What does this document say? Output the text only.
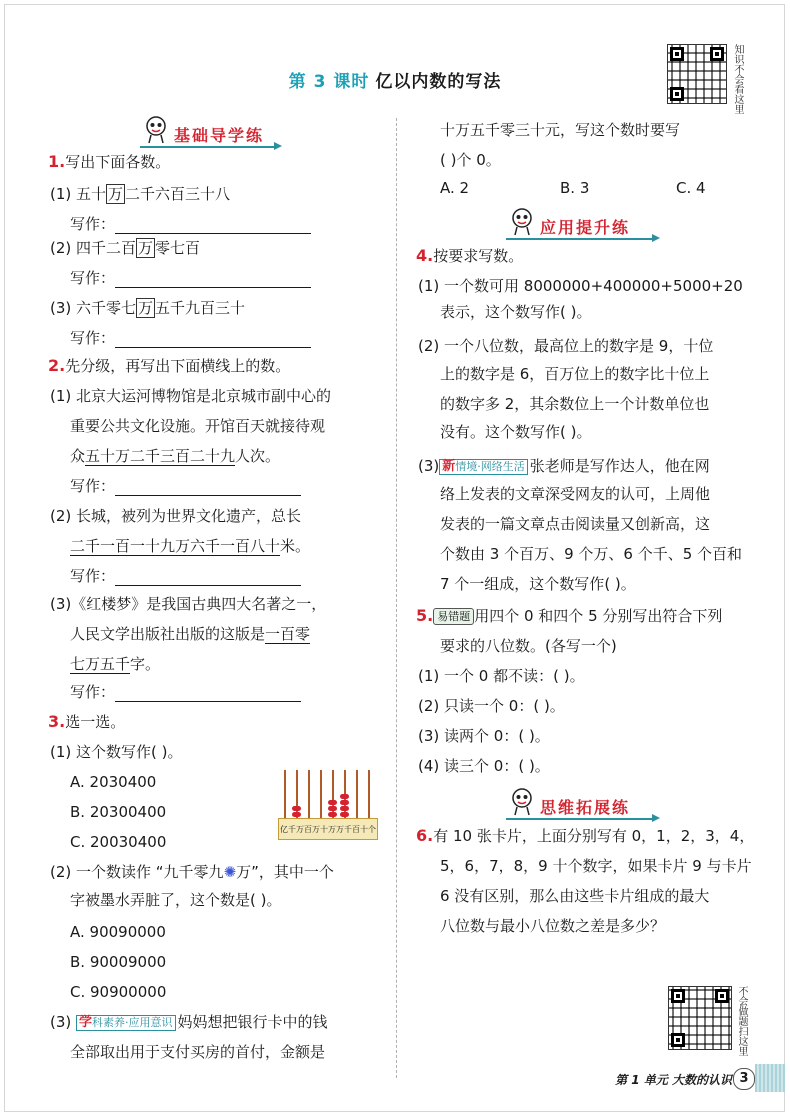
第 3 课时 亿以内数的写法	知识不会看这里
基础导学练
1.写出下面各数。
(1) 五十 万 二千六百三十八
写作：
(2) 四千二百 万 零七百
写作：
(3) 六千零七 万 五千九百三十
写作：
2.先分级，再写出下面横线上的数。
(1) 北京大运河博物馆是北京城市副中心的
重要公共文化设施。开馆百天就接待观
众五十万二千三百二十九人次。
写作：
(2) 长城，被列为世界文化遗产，总长
二千一百一十九万六千一百八十米。
写作：
(3)《红楼梦》是我国古典四大名著之一，
人民文学出版社出版的这版是一百零
七万五千字。
写作：
3.选一选。
(1) 这个数写作( )。
A. 2030400
B. 20300400
C. 20030400
亿千万百万十万万千百十个
(2) 一个数读作 “九千零九✺万”，其中一个
字被墨水弄脏了，这个数是( )。
A. 90090000
B. 90009000
C. 90900000
(3) 学科素养·应用意识 妈妈想把银行卡中的钱
全部取出用于支付买房的首付，金额是
十万五千零三十元，写这个数时要写
( )个 0。
A. 2	B. 3	C. 4
应用提升练
4.按要求写数。
(1) 一个数可用 8000000+400000+5000+20
表示，这个数写作( )。
(2) 一个八位数，最高位上的数字是 9，十位
上的数字是 6，百万位上的数字比十位上
的数字多 2，其余数位上一个计数单位也
没有。这个数写作( )。
(3) 新情境·网络生活 张老师是写作达人，他在网
络上发表的文章深受网友的认可，上周他
发表的一篇文章点击阅读量又创新高，这
个数由 3 个百万、9 个万、6 个千、5 个百和
7 个一组成，这个数写作( )。
5. 易错题 用四个 0 和四个 5 分别写出符合下列
要求的八位数。(各写一个)
(1) 一个 0 都不读：( )。
(2) 只读一个 0：( )。
(3) 读两个 0：( )。
(4) 读三个 0：( )。
思维拓展练
6.有 10 张卡片，上面分别写有 0，1，2，3，4，
5，6，7，8，9 十个数字，如果卡片 9 与卡片
6 没有区别，那么由这些卡片组成的最大
八位数与最小八位数之差是多少？
不会做题扫这里
第 1 单元 大数的认识 3
